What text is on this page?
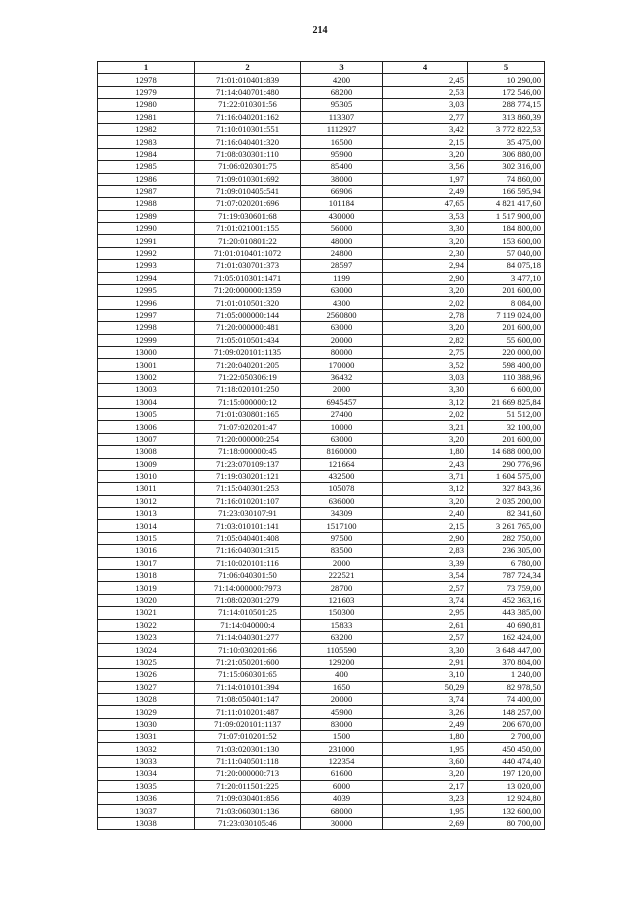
214
1	2	3	4	5
12978	71:01:010401:839	4200	2,45	10 290,00
12979	71:14:040701:480	68200	2,53	172 546,00
12980	71:22:010301:56	95305	3,03	288 774,15
12981	71:16:040201:162	113307	2,77	313 860,39
12982	71:10:010301:551	1112927	3,42	3 772 822,53
12983	71:16:040401:320	16500	2,15	35 475,00
12984	71:08:030301:110	95900	3,20	306 880,00
12985	71:06:020301:75	85400	3,56	302 316,00
12986	71:09:010301:692	38000	1,97	74 860,00
12987	71:09:010405:541	66906	2,49	166 595,94
12988	71:07:020201:696	101184	47,65	4 821 417,60
12989	71:19:030601:68	430000	3,53	1 517 900,00
12990	71:01:021001:155	56000	3,30	184 800,00
12991	71:20:010801:22	48000	3,20	153 600,00
12992	71:01:010401:1072	24800	2,30	57 040,00
12993	71:01:030701:373	28597	2,94	84 075,18
12994	71:05:010301:1471	1199	2,90	3 477,10
12995	71:20:000000:1359	63000	3,20	201 600,00
12996	71:01:010501:320	4300	2,02	8 084,00
12997	71:05:000000:144	2560800	2,78	7 119 024,00
12998	71:20:000000:481	63000	3,20	201 600,00
12999	71:05:010501:434	20000	2,82	55 600,00
13000	71:09:020101:1135	80000	2,75	220 000,00
13001	71:20:040201:205	170000	3,52	598 400,00
13002	71:22:050306:19	36432	3,03	110 388,96
13003	71:18:020101:250	2000	3,30	6 600,00
13004	71:15:000000:12	6945457	3,12	21 669 825,84
13005	71:01:030801:165	27400	2,02	51 512,00
13006	71:07:020201:47	10000	3,21	32 100,00
13007	71:20:000000:254	63000	3,20	201 600,00
13008	71:18:000000:45	8160000	1,80	14 688 000,00
13009	71:23:070109:137	121664	2,43	290 776,96
13010	71:19:030201:121	432500	3,71	1 604 575,00
13011	71:15:040301:253	105078	3,12	327 843,36
13012	71:16:010201:107	636000	3,20	2 035 200,00
13013	71:23:030107:91	34309	2,40	82 341,60
13014	71:03:010101:141	1517100	2,15	3 261 765,00
13015	71:05:040401:408	97500	2,90	282 750,00
13016	71:16:040301:315	83500	2,83	236 305,00
13017	71:10:020101:116	2000	3,39	6 780,00
13018	71:06:040301:50	222521	3,54	787 724,34
13019	71:14:000000:7973	28700	2,57	73 759,00
13020	71:08:020301:279	121603	3,74	452 363,16
13021	71:14:010501:25	150300	2,95	443 385,00
13022	71:14:040000:4	15833	2,61	40 690,81
13023	71:14:040301:277	63200	2,57	162 424,00
13024	71:10:030201:66	1105590	3,30	3 648 447,00
13025	71:21:050201:600	129200	2,91	370 804,00
13026	71:15:060301:65	400	3,10	1 240,00
13027	71:14:010101:394	1650	50,29	82 978,50
13028	71:08:050401:147	20000	3,74	74 400,00
13029	71:11:010201:487	45900	3,26	148 257,00
13030	71:09:020101:1137	83000	2,49	206 670,00
13031	71:07:010201:52	1500	1,80	2 700,00
13032	71:03:020301:130	231000	1,95	450 450,00
13033	71:11:040501:118	122354	3,60	440 474,40
13034	71:20:000000:713	61600	3,20	197 120,00
13035	71:20:011501:225	6000	2,17	13 020,00
13036	71:09:030401:856	4039	3,23	12 924,80
13037	71:03:060301:136	68000	1,95	132 600,00
13038	71:23:030105:46	30000	2,69	80 700,00
